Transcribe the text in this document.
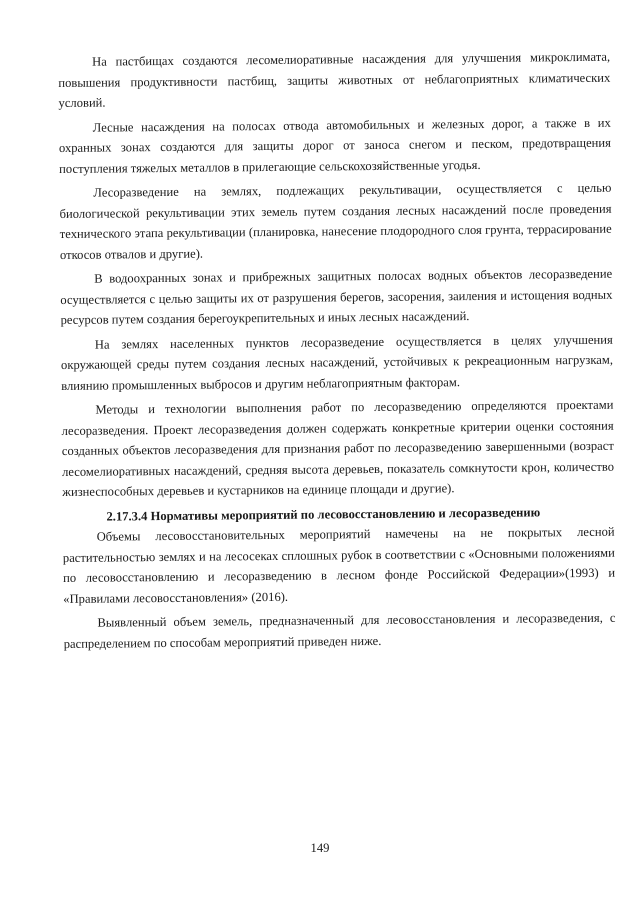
На пастбищах создаются лесомелиоративные насаждения для улучшения микроклимата, повышения продуктивности пастбищ, защиты животных от неблагоприятных климатических условий.

Лесные насаждения на полосах отвода автомобильных и железных дорог, а также в их охранных зонах создаются для защиты дорог от заноса снегом и песком, предотвращения поступления тяжелых металлов в прилегающие сельскохозяйственные угодья.

Лесоразведение на землях, подлежащих рекультивации, осуществляется с целью биологической рекультивации этих земель путем создания лесных насаждений после проведения технического этапа рекультивации (планировка, нанесение плодородного слоя грунта, террасирование откосов отвалов и другие).

В водоохранных зонах и прибрежных защитных полосах водных объектов лесоразведение осуществляется с целью защиты их от разрушения берегов, засорения, заиления и истощения водных ресурсов путем создания берегоукрепительных и иных лесных насаждений.

На землях населенных пунктов лесоразведение осуществляется в целях улучшения окружающей среды путем создания лесных насаждений, устойчивых к рекреационным нагрузкам, влиянию промышленных выбросов и другим неблагоприятным факторам.

Методы и технологии выполнения работ по лесоразведению определяются проектами лесоразведения. Проект лесоразведения должен содержать конкретные критерии оценки состояния созданных объектов лесоразведения для признания работ по лесоразведению завершенными (возраст лесомелиоративных насаждений, средняя высота деревьев, показатель сомкнутости крон, количество жизнеспособных деревьев и кустарников на единице площади и другие).

2.17.3.4 Нормативы мероприятий по лесовосстановлению и лесоразведению

Объемы лесовосстановительных мероприятий намечены на не покрытых лесной растительностью землях и на лесосеках сплошных рубок в соответствии с «Основными положениями по лесовосстановлению и лесоразведению в лесном фонде Российской Федерации»(1993) и «Правилами лесовосстановления» (2016).

Выявленный объем земель, предназначенный для лесовосстановления и лесоразведения, с распределением по способам мероприятий приведен ниже.

149
